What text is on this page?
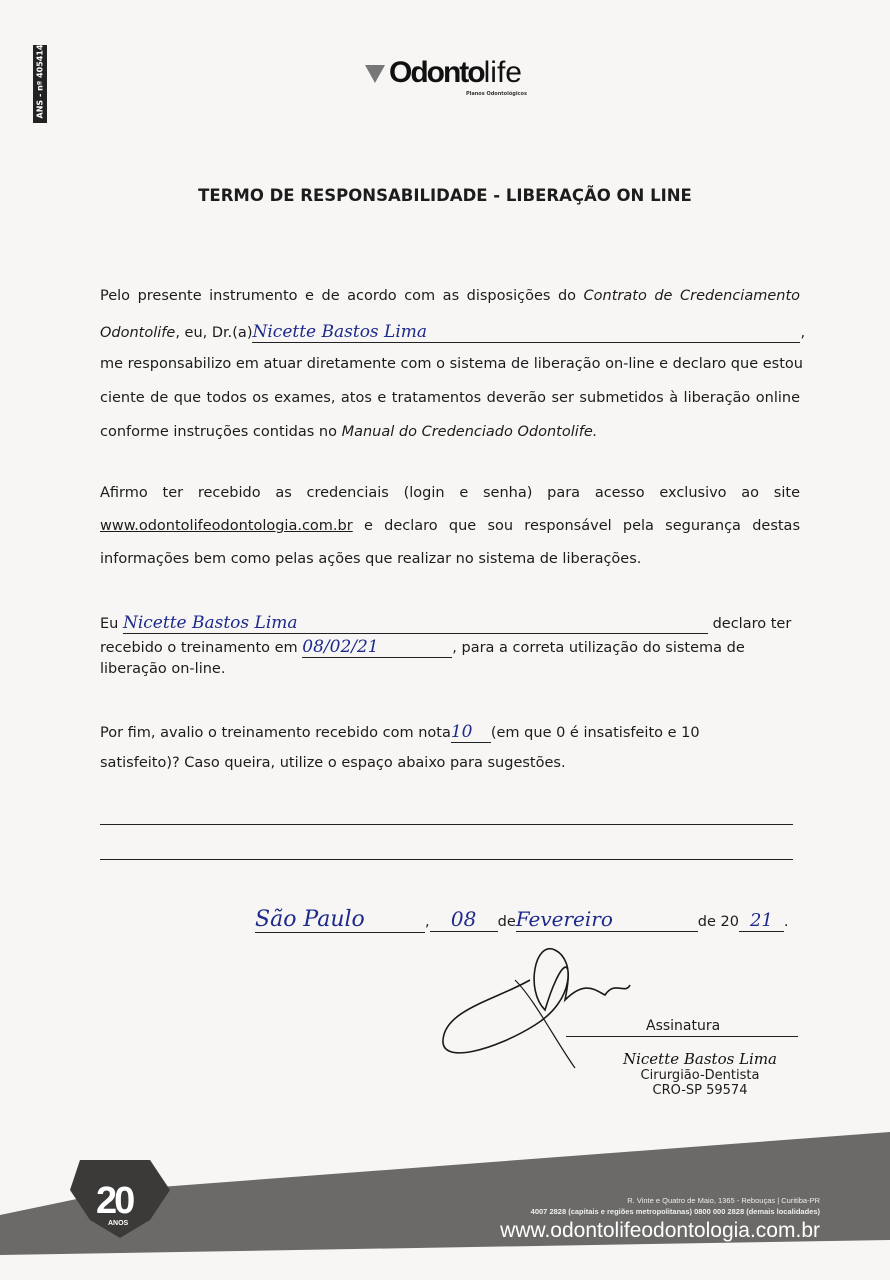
ANS - nº 405414	Odontolife
Planos Odontológicos
TERMO DE RESPONSABILIDADE - LIBERAÇÃO ON LINE
Pelo presente instrumento e de acordo com as disposições do Contrato de Credenciamento
Odontolife, eu, Dr.(a)Nicette Bastos Lima	,
me responsabilizo em atuar diretamente com o sistema de liberação on-line e declaro que estou
ciente de que todos os exames, atos e tratamentos deverão ser submetidos à liberação online
conforme instruções contidas no Manual do Credenciado Odontolife.
Afirmo ter recebido as credenciais (login e senha) para acesso exclusivo ao site
www.odontolifeodontologia.com.br e declaro que sou responsável pela segurança destas
informações bem como pelas ações que realizar no sistema de liberações.
Eu Nicette Bastos Lima	declaro ter
recebido o treinamento em 08/02/21	, para a correta utilização do sistema de
liberação on-line.
Por fim, avalio o treinamento recebido com nota10 (em que 0 é insatisfeito e 10
satisfeito)? Caso queira, utilize o espaço abaixo para sugestões.
São Paulo	, 08 deFevereiro	de 20 21 .
Assinatura
Nicette Bastos Lima
Cirurgião-Dentista
CRO-SP 59574
20
ANOS
R. Vinte e Quatro de Maio, 1365 - Rebouças | Curitiba-PR
4007 2828 (capitais e regiões metropolitanas) 0800 000 2828 (demais localidades)
www.odontolifeodontologia.com.br
